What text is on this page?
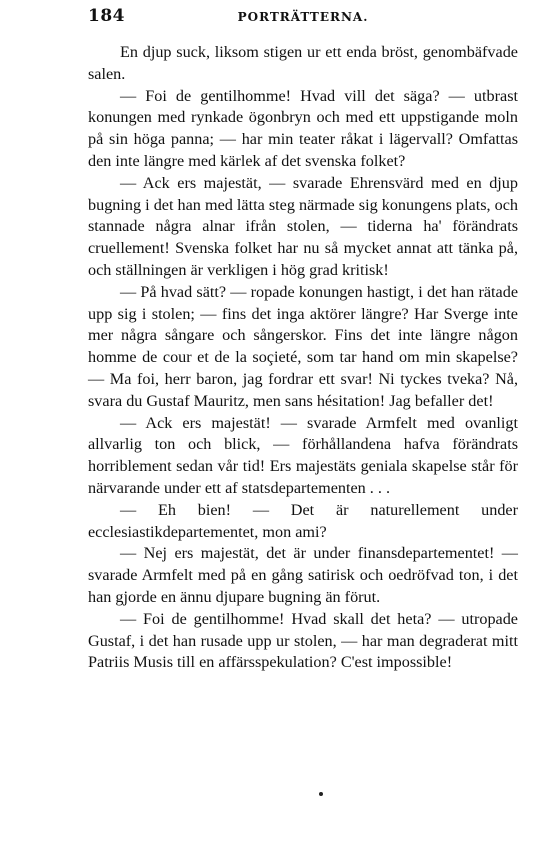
184	PORTRÄTTERNA.

En djup suck, liksom stigen ur ett enda bröst, genombäfvade salen.

— Foi de gentilhomme! Hvad vill det säga? — utbrast konungen med rynkade ögonbryn och med ett uppstigande moln på sin höga panna; — har min teater råkat i lägervall? Omfattas den inte längre med kärlek af det svenska folket?

— Ack ers majestät, — svarade Ehrensvärd med en djup bugning i det han med lätta steg närmade sig konungens plats, och stannade några alnar ifrån stolen, — tiderna ha' förändrats cruellement! Svenska folket har nu så mycket annat att tänka på, och ställningen är verkligen i hög grad kritisk!

— På hvad sätt? — ropade konungen hastigt, i det han rätade upp sig i stolen; — fins det inga aktörer längre? Har Sverge inte mer några sångare och sångerskor. Fins det inte längre någon homme de cour et de la soçieté, som tar hand om min skapelse? — Ma foi, herr baron, jag fordrar ett svar! Ni tyckes tveka? Nå, svara du Gustaf Mauritz, men sans hésitation! Jag befaller det!

— Ack ers majestät! — svarade Armfelt med ovanligt allvarlig ton och blick, — förhållandena hafva förändrats horriblement sedan vår tid! Ers majestäts geniala skapelse står för närvarande under ett af statsdepartementen . . .

— Eh bien! — Det är naturellement under ecclesiastikdepartementet, mon ami?

— Nej ers majestät, det är under finansdepartementet! — svarade Armfelt med på en gång satirisk och oedröfvad ton, i det han gjorde en ännu djupare bugning än förut.

— Foi de gentilhomme! Hvad skall det heta? — utropade Gustaf, i det han rusade upp ur stolen, — har man degraderat mitt Patriis Musis till en affärsspekulation? C'est impossible!
